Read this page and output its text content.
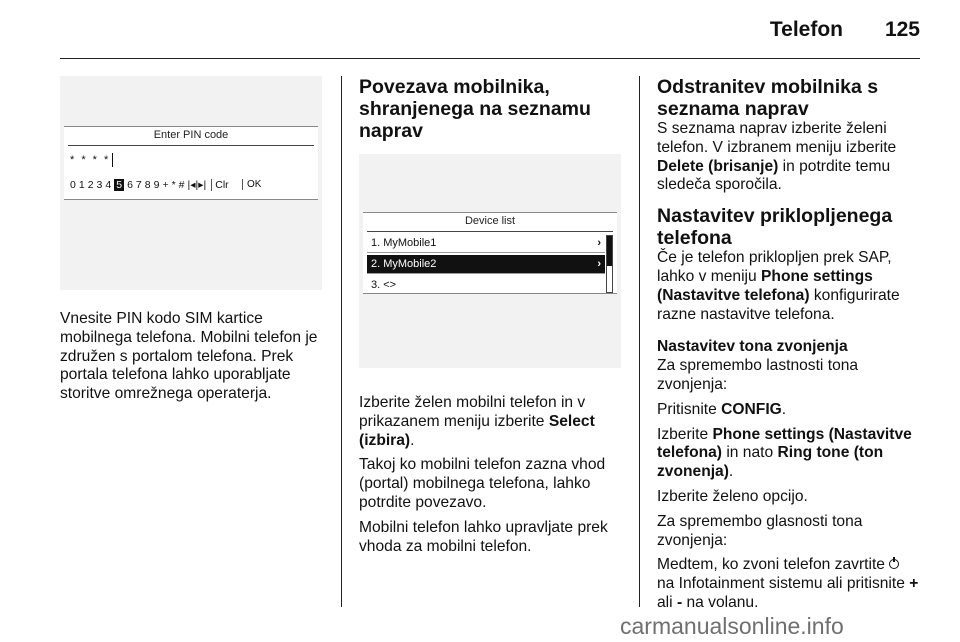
Telefon 125
Enter PIN code
* * * *
0 1 2 3 4 5 6 7 8 9 + * # |◂|▸| Clr	OK

Vnesite PIN kodo SIM kartice mobilnega telefona. Mobilni telefon je združen s portalom telefona. Prek portala telefona lahko uporabljate storitve omrežnega operaterja.

Povezava mobilnika, shranjenega na seznamu naprav
Device list
1. MyMobile1	›
2. MyMobile2	›
3. <>

Izberite želen mobilni telefon in v prikazanem meniju izberite Select (izbira).

Takoj ko mobilni telefon zazna vhod (portal) mobilnega telefona, lahko potrdite povezavo.

Mobilni telefon lahko upravljate prek vhoda za mobilni telefon.

Odstranitev mobilnika s seznama naprav

S seznama naprav izberite želeni telefon. V izbranem meniju izberite Delete (brisanje) in potrdite temu sledeča sporočila.

Nastavitev priklopljenega telefona

Če je telefon priklopljen prek SAP, lahko v meniju Phone settings (Nastavitve telefona) konfigurirate razne nastavitve telefona.

Nastavitev tona zvonjenja

Za spremembo lastnosti tona zvonjenja:

Pritisnite CONFIG.

Izberite Phone settings (Nastavitve telefona) in nato Ring tone (ton zvonenja).

Izberite želeno opcijo.

Za spremembo glasnosti tona zvonjenja:

Medtem, ko zvoni telefon zavrtite  na Infotainment sistemu ali pritisnite + ali - na volanu.

carmanualsonline.info
